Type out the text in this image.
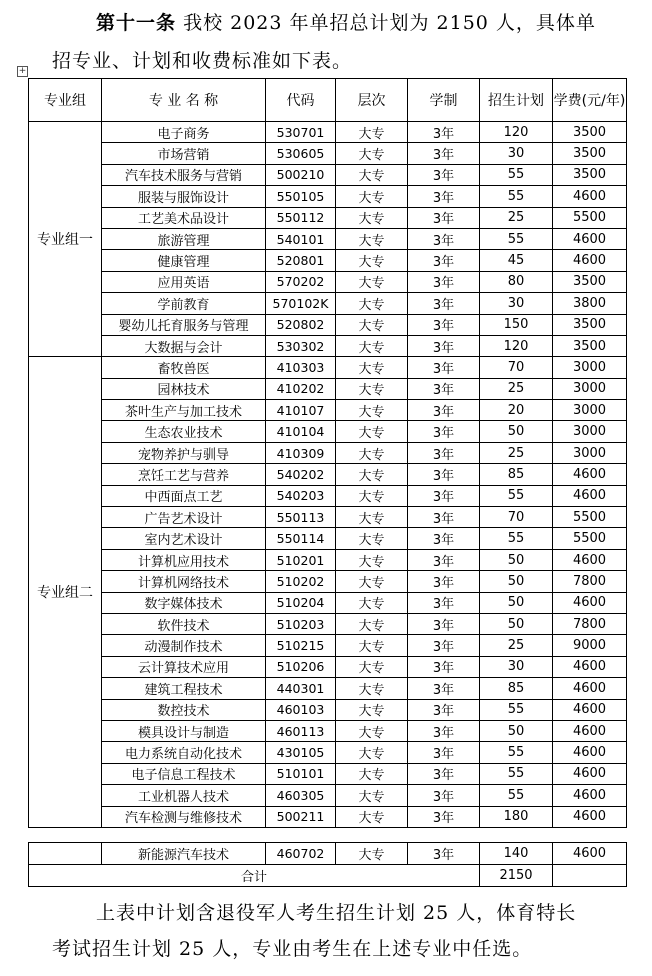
第十一条 我校 2023 年单招总计划为 2150 人，具体单
招专业、计划和收费标准如下表。
+
专业组	专 业 名 称	代码	层次	学制	招生计划	学费(元/年)
专业组一	电子商务	530701	大专	3年	120	3500
	市场营销	530605	大专	3年	30	3500
	汽车技术服务与营销	500210	大专	3年	55	3500
	服装与服饰设计	550105	大专	3年	55	4600
	工艺美术品设计	550112	大专	3年	25	5500
	旅游管理	540101	大专	3年	55	4600
	健康管理	520801	大专	3年	45	4600
	应用英语	570202	大专	3年	80	3500
	学前教育	570102K	大专	3年	30	3800
	婴幼儿托育服务与管理	520802	大专	3年	150	3500
	大数据与会计	530302	大专	3年	120	3500
专业组二	畜牧兽医	410303	大专	3年	70	3000
	园林技术	410202	大专	3年	25	3000
	茶叶生产与加工技术	410107	大专	3年	20	3000
	生态农业技术	410104	大专	3年	50	3000
	宠物养护与驯导	410309	大专	3年	25	3000
	烹饪工艺与营养	540202	大专	3年	85	4600
	中西面点工艺	540203	大专	3年	55	4600
	广告艺术设计	550113	大专	3年	70	5500
	室内艺术设计	550114	大专	3年	55	5500
	计算机应用技术	510201	大专	3年	50	4600
	计算机网络技术	510202	大专	3年	50	7800
	数字媒体技术	510204	大专	3年	50	4600
	软件技术	510203	大专	3年	50	7800
	动漫制作技术	510215	大专	3年	25	9000
	云计算技术应用	510206	大专	3年	30	4600
	建筑工程技术	440301	大专	3年	85	4600
	数控技术	460103	大专	3年	55	4600
	模具设计与制造	460113	大专	3年	50	4600
	电力系统自动化技术	430105	大专	3年	55	4600
	电子信息工程技术	510101	大专	3年	55	4600
	工业机器人技术	460305	大专	3年	55	4600
	汽车检测与维修技术	500211	大专	3年	180	4600
	新能源汽车技术	460702	大专	3年	140	4600
合计					2150	
上表中计划含退役军人考生招生计划 25 人，体育特长
考试招生计划 25 人，专业由考生在上述专业中任选。
